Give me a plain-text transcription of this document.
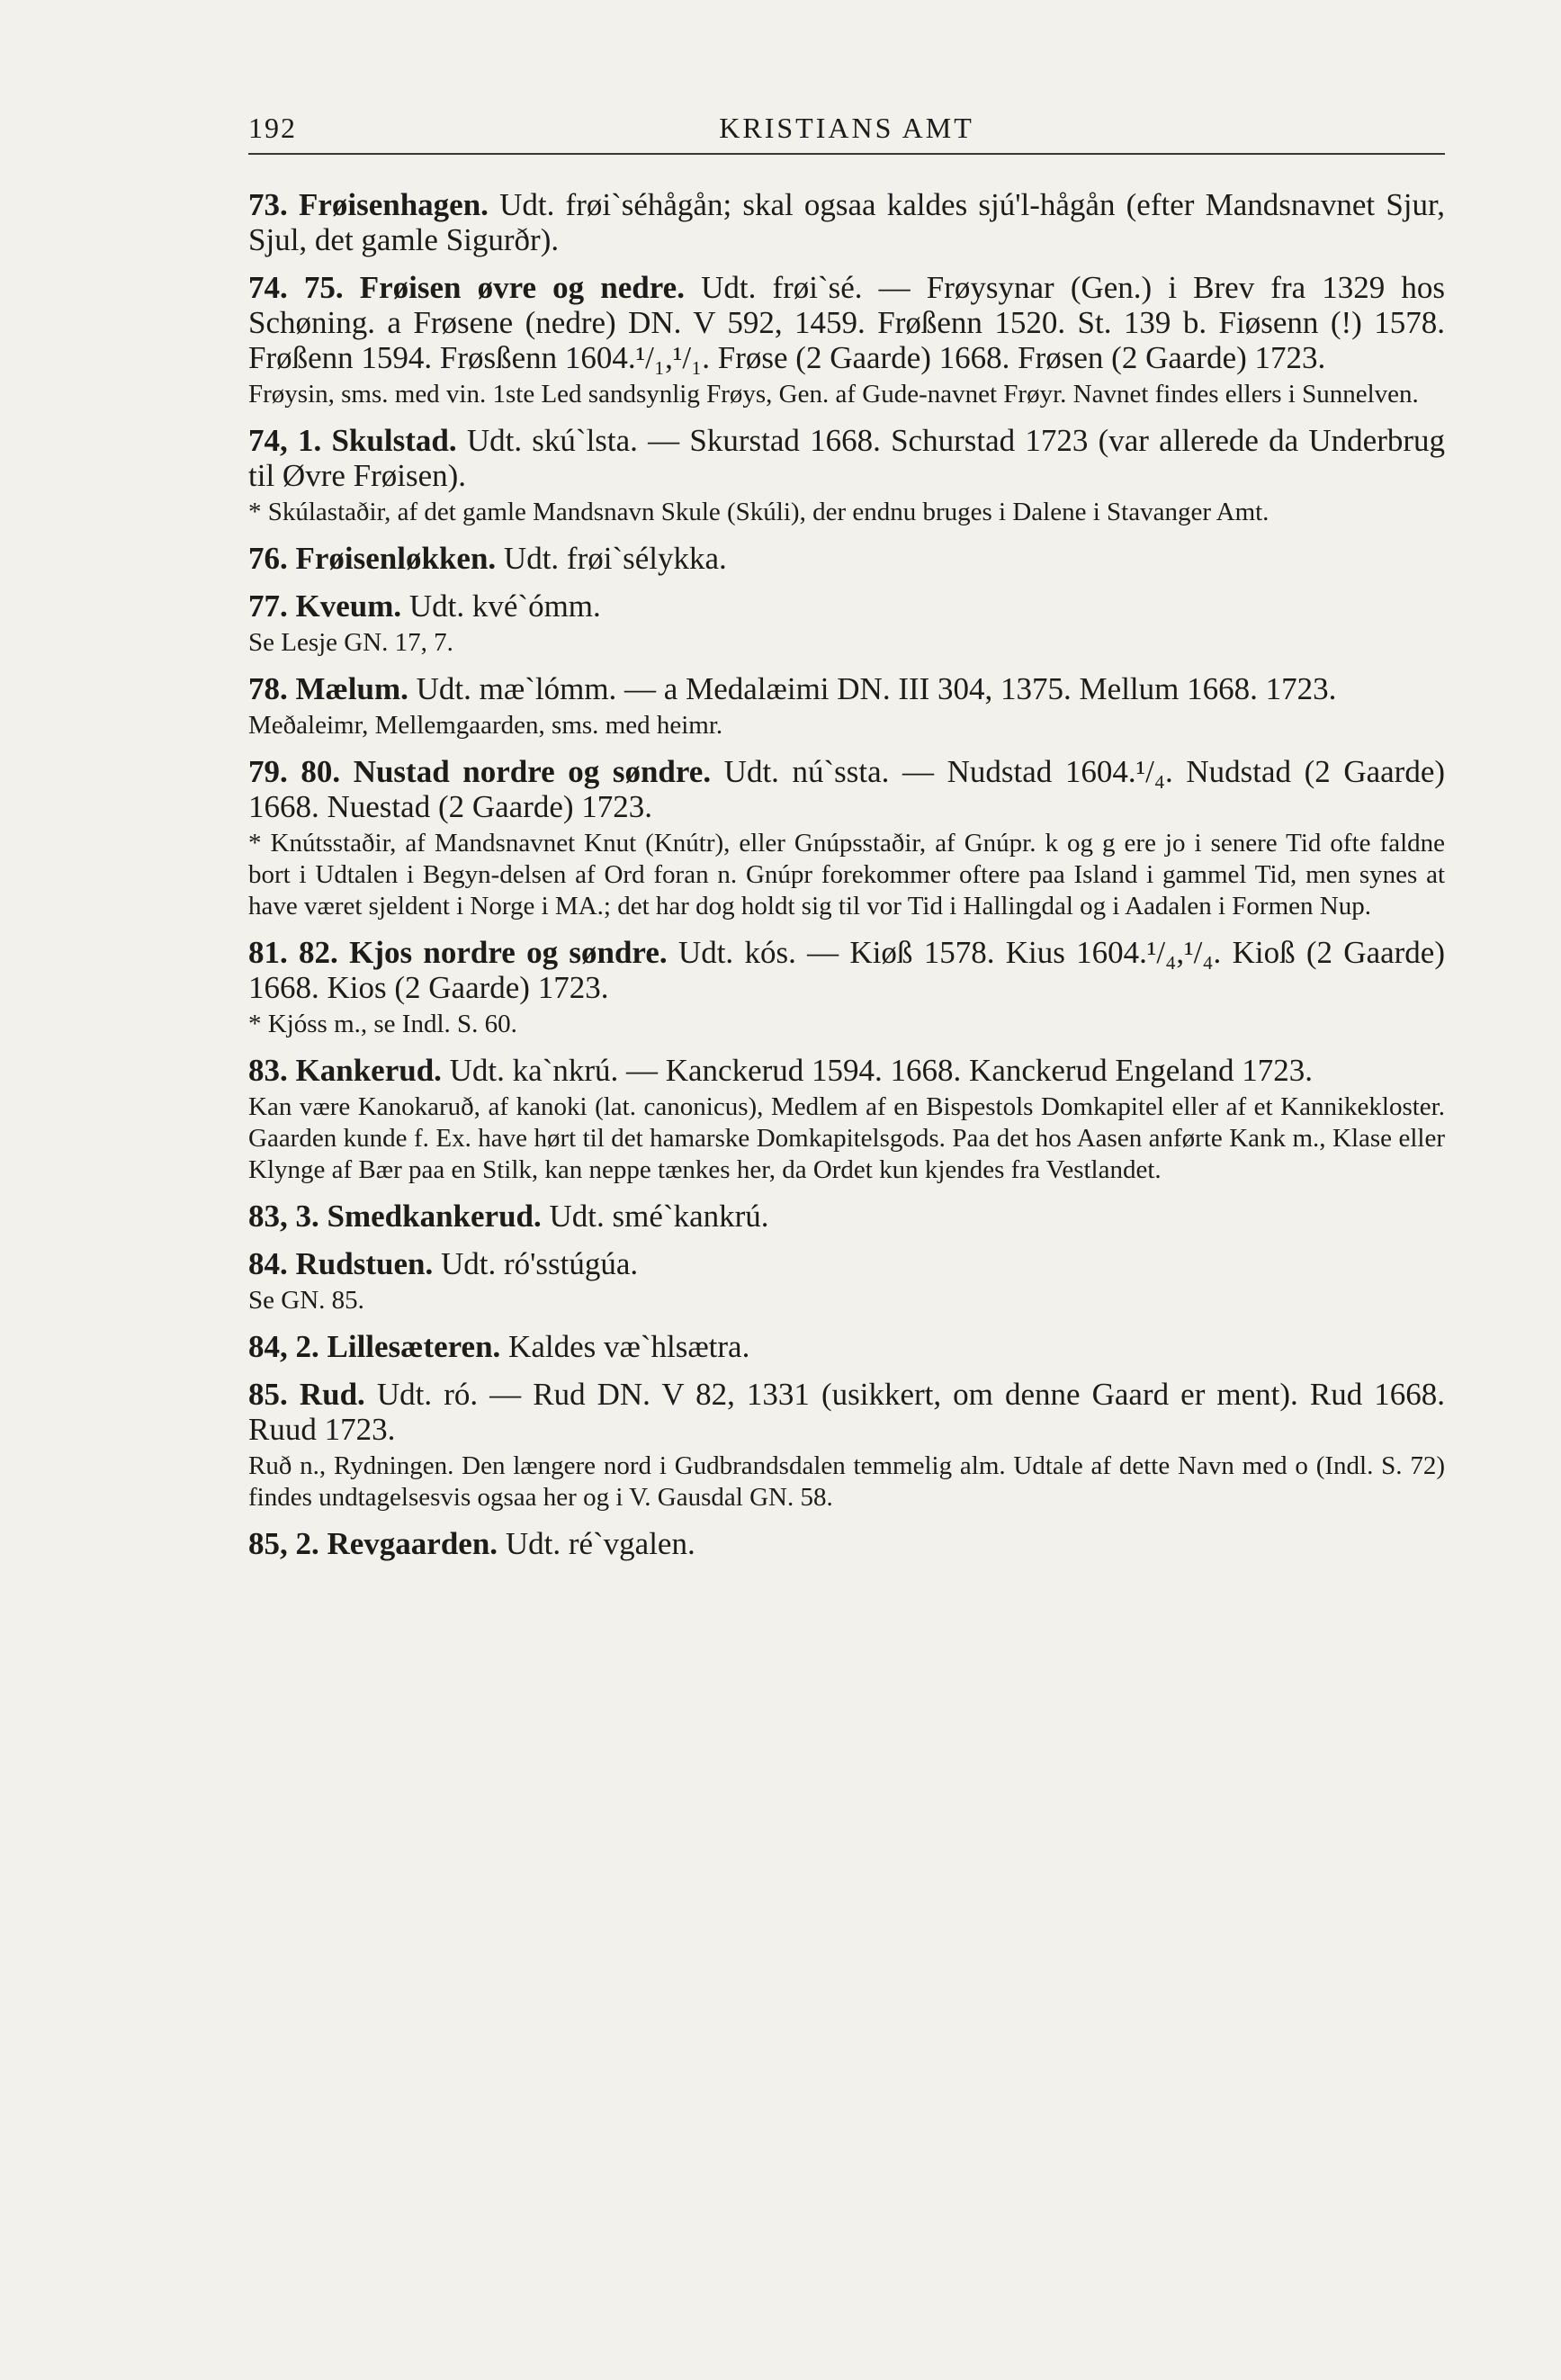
192	KRISTIANS AMT
73. Frøisenhagen. Udt. frøi`séhågån; skal ogsaa kaldes sjú'l-hågån (efter Mandsnavnet Sjur, Sjul, det gamle Sigurðr).
74. 75. Frøisen øvre og nedre. Udt. frøi`sé. — Frøysynar (Gen.) i Brev fra 1329 hos Schøning. a Frøsene (nedre) DN. V 592, 1459. Frøßenn 1520. St. 139 b. Fiøsenn (!) 1578. Frøßenn 1594. Frøsßenn 1604.¹/₁,¹/₁. Frøse (2 Gaarde) 1668. Frøsen (2 Gaarde) 1723.
Frøysin, sms. med vin. 1ste Led sandsynlig Frøys, Gen. af Gude-navnet Frøyr. Navnet findes ellers i Sunnelven.
74, 1. Skulstad. Udt. skú`lsta. — Skurstad 1668. Schurstad 1723 (var allerede da Underbrug til Øvre Frøisen).
* Skúlastaðir, af det gamle Mandsnavn Skule (Skúli), der endnu bruges i Dalene i Stavanger Amt.
76. Frøisenløkken. Udt. frøi`sélykka.
77. Kveum. Udt. kvé`ómm.
Se Lesje GN. 17, 7.
78. Mælum. Udt. mæ`lómm. — a Medalæimi DN. III 304, 1375. Mellum 1668. 1723.
Meðaleimr, Mellemgaarden, sms. med heimr.
79. 80. Nustad nordre og søndre. Udt. nú`ssta. — Nudstad 1604.¹/₄. Nudstad (2 Gaarde) 1668. Nuestad (2 Gaarde) 1723.
* Knútsstaðir, af Mandsnavnet Knut (Knútr), eller Gnúpsstaðir, af Gnúpr. k og g ere jo i senere Tid ofte faldne bort i Udtalen i Begyn-delsen af Ord foran n. Gnúpr forekommer oftere paa Island i gammel Tid, men synes at have været sjeldent i Norge i MA.; det har dog holdt sig til vor Tid i Hallingdal og i Aadalen i Formen Nup.
81. 82. Kjos nordre og søndre. Udt. kós. — Kiøß 1578. Kius 1604.¹/₄,¹/₄. Kioß (2 Gaarde) 1668. Kios (2 Gaarde) 1723.
* Kjóss m., se Indl. S. 60.
83. Kankerud. Udt. ka`nkrú. — Kanckerud 1594. 1668. Kanckerud Engeland 1723.
Kan være Kanokaruð, af kanoki (lat. canonicus), Medlem af en Bispestols Domkapitel eller af et Kannikekloster. Gaarden kunde f. Ex. have hørt til det hamarske Domkapitelsgods. Paa det hos Aasen anførte Kank m., Klase eller Klynge af Bær paa en Stilk, kan neppe tænkes her, da Ordet kun kjendes fra Vestlandet.
83, 3. Smedkankerud. Udt. smé`kankrú.
84. Rudstuen. Udt. ró'sstúgúa.
Se GN. 85.
84, 2. Lillesæteren. Kaldes væ`hlsætra.
85. Rud. Udt. ró. — Rud DN. V 82, 1331 (usikkert, om denne Gaard er ment). Rud 1668. Ruud 1723.
Ruð n., Rydningen. Den længere nord i Gudbrandsdalen temmelig alm. Udtale af dette Navn med o (Indl. S. 72) findes undtagelsesvis ogsaa her og i V. Gausdal GN. 58.
85, 2. Revgaarden. Udt. ré`vgalen.
